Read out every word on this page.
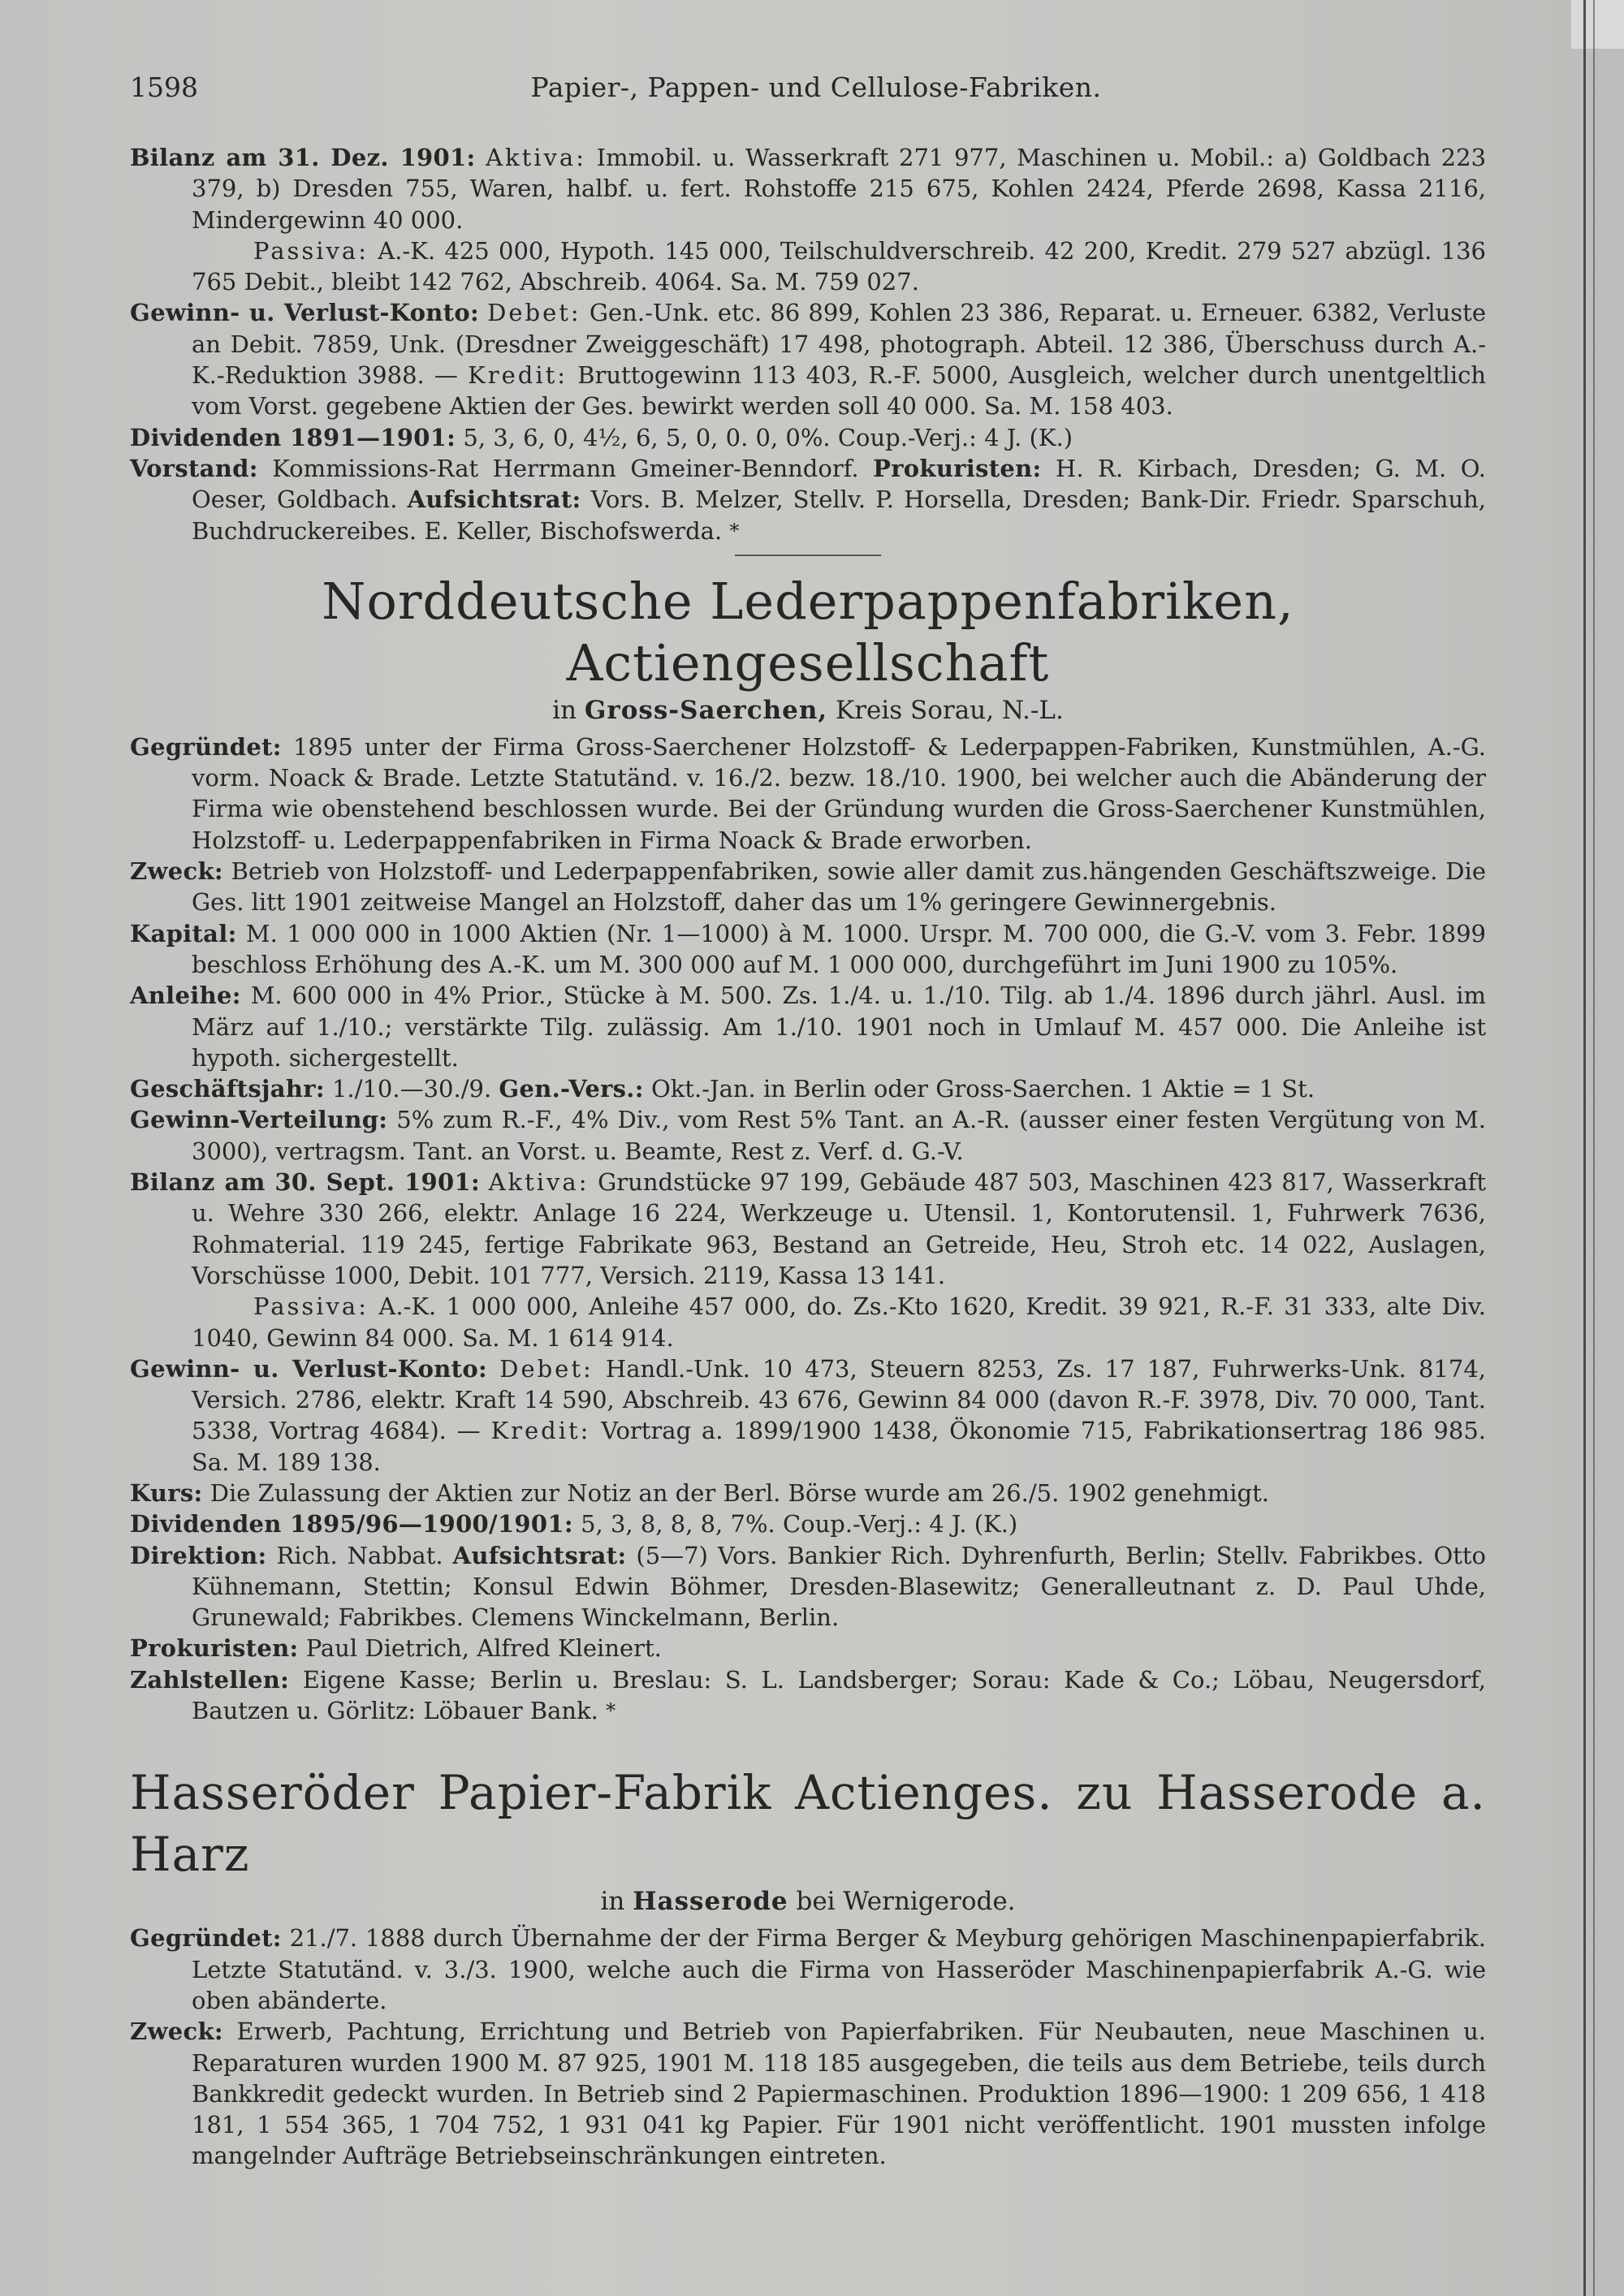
1598	Papier-, Pappen- und Cellulose-Fabriken.
Bilanz am 31. Dez. 1901: Aktiva: Immobil. u. Wasserkraft 271 977, Maschinen u. Mobil.: a) Goldbach 223 379, b) Dresden 755, Waren, halbf. u. fert. Rohstoffe 215 675, Kohlen 2424, Pferde 2698, Kassa 2116, Mindergewinn 40 000.
Passiva: A.-K. 425 000, Hypoth. 145 000, Teilschuldverschreib. 42 200, Kredit. 279 527 abzügl. 136 765 Debit., bleibt 142 762, Abschreib. 4064. Sa. M. 759 027.
Gewinn- u. Verlust-Konto: Debet: Gen.-Unk. etc. 86 899, Kohlen 23 386, Reparat. u. Erneuer. 6382, Verluste an Debit. 7859, Unk. (Dresdner Zweiggeschäft) 17 498, photograph. Abteil. 12 386, Überschuss durch A.-K.-Reduktion 3988. — Kredit: Bruttogewinn 113 403, R.-F. 5000, Ausgleich, welcher durch unentgeltlich vom Vorst. gegebene Aktien der Ges. bewirkt werden soll 40 000. Sa. M. 158 403.
Dividenden 1891—1901: 5, 3, 6, 0, 4½, 6, 5, 0, 0. 0, 0%. Coup.-Verj.: 4 J. (K.)
Vorstand: Kommissions-Rat Herrmann Gmeiner-Benndorf. Prokuristen: H. R. Kirbach, Dresden; G. M. O. Oeser, Goldbach. Aufsichtsrat: Vors. B. Melzer, Stellv. P. Horsella, Dresden; Bank-Dir. Friedr. Sparschuh, Buchdruckereibes. E. Keller, Bischofswerda. *
Norddeutsche Lederpappenfabriken, Actiengesellschaft
in Gross-Saerchen, Kreis Sorau, N.-L.
Gegründet: 1895 unter der Firma Gross-Saerchener Holzstoff- & Lederpappen-Fabriken, Kunstmühlen, A.-G. vorm. Noack & Brade. Letzte Statutänd. v. 16./2. bezw. 18./10. 1900, bei welcher auch die Abänderung der Firma wie obenstehend beschlossen wurde. Bei der Gründung wurden die Gross-Saerchener Kunstmühlen, Holzstoff- u. Lederpappenfabriken in Firma Noack & Brade erworben.
Zweck: Betrieb von Holzstoff- und Lederpappenfabriken, sowie aller damit zus.hängenden Geschäftszweige. Die Ges. litt 1901 zeitweise Mangel an Holzstoff, daher das um 1% geringere Gewinnergebnis.
Kapital: M. 1 000 000 in 1000 Aktien (Nr. 1—1000) à M. 1000. Urspr. M. 700 000, die G.-V. vom 3. Febr. 1899 beschloss Erhöhung des A.-K. um M. 300 000 auf M. 1 000 000, durchgeführt im Juni 1900 zu 105%.
Anleihe: M. 600 000 in 4% Prior., Stücke à M. 500. Zs. 1./4. u. 1./10. Tilg. ab 1./4. 1896 durch jährl. Ausl. im März auf 1./10.; verstärkte Tilg. zulässig. Am 1./10. 1901 noch in Umlauf M. 457 000. Die Anleihe ist hypoth. sichergestellt.
Geschäftsjahr: 1./10.—30./9. Gen.-Vers.: Okt.-Jan. in Berlin oder Gross-Saerchen. 1 Aktie = 1 St.
Gewinn-Verteilung: 5% zum R.-F., 4% Div., vom Rest 5% Tant. an A.-R. (ausser einer festen Vergütung von M. 3000), vertragsm. Tant. an Vorst. u. Beamte, Rest z. Verf. d. G.-V.
Bilanz am 30. Sept. 1901: Aktiva: Grundstücke 97 199, Gebäude 487 503, Maschinen 423 817, Wasserkraft u. Wehre 330 266, elektr. Anlage 16 224, Werkzeuge u. Utensil. 1, Kontorutensil. 1, Fuhrwerk 7636, Rohmaterial. 119 245, fertige Fabrikate 963, Bestand an Getreide, Heu, Stroh etc. 14 022, Auslagen, Vorschüsse 1000, Debit. 101 777, Versich. 2119, Kassa 13 141.
Passiva: A.-K. 1 000 000, Anleihe 457 000, do. Zs.-Kto 1620, Kredit. 39 921, R.-F. 31 333, alte Div. 1040, Gewinn 84 000. Sa. M. 1 614 914.
Gewinn- u. Verlust-Konto: Debet: Handl.-Unk. 10 473, Steuern 8253, Zs. 17 187, Fuhrwerks-Unk. 8174, Versich. 2786, elektr. Kraft 14 590, Abschreib. 43 676, Gewinn 84 000 (davon R.-F. 3978, Div. 70 000, Tant. 5338, Vortrag 4684). — Kredit: Vortrag a. 1899/1900 1438, Ökonomie 715, Fabrikationsertrag 186 985. Sa. M. 189 138.
Kurs: Die Zulassung der Aktien zur Notiz an der Berl. Börse wurde am 26./5. 1902 genehmigt.
Dividenden 1895/96—1900/1901: 5, 3, 8, 8, 8, 7%. Coup.-Verj.: 4 J. (K.)
Direktion: Rich. Nabbat. Aufsichtsrat: (5—7) Vors. Bankier Rich. Dyhrenfurth, Berlin; Stellv. Fabrikbes. Otto Kühnemann, Stettin; Konsul Edwin Böhmer, Dresden-Blasewitz; Generalleutnant z. D. Paul Uhde, Grunewald; Fabrikbes. Clemens Winckelmann, Berlin.
Prokuristen: Paul Dietrich, Alfred Kleinert.
Zahlstellen: Eigene Kasse; Berlin u. Breslau: S. L. Landsberger; Sorau: Kade & Co.; Löbau, Neugersdorf, Bautzen u. Görlitz: Löbauer Bank. *
Hasseröder Papier-Fabrik Actienges. zu Hasserode a. Harz
in Hasserode bei Wernigerode.
Gegründet: 21./7. 1888 durch Übernahme der der Firma Berger & Meyburg gehörigen Maschinenpapierfabrik. Letzte Statutänd. v. 3./3. 1900, welche auch die Firma von Hasseröder Maschinenpapierfabrik A.-G. wie oben abänderte.
Zweck: Erwerb, Pachtung, Errichtung und Betrieb von Papierfabriken. Für Neubauten, neue Maschinen u. Reparaturen wurden 1900 M. 87 925, 1901 M. 118 185 ausgegeben, die teils aus dem Betriebe, teils durch Bankkredit gedeckt wurden. In Betrieb sind 2 Papiermaschinen. Produktion 1896—1900: 1 209 656, 1 418 181, 1 554 365, 1 704 752, 1 931 041 kg Papier. Für 1901 nicht veröffentlicht. 1901 mussten infolge mangelnder Aufträge Betriebseinschränkungen eintreten.
